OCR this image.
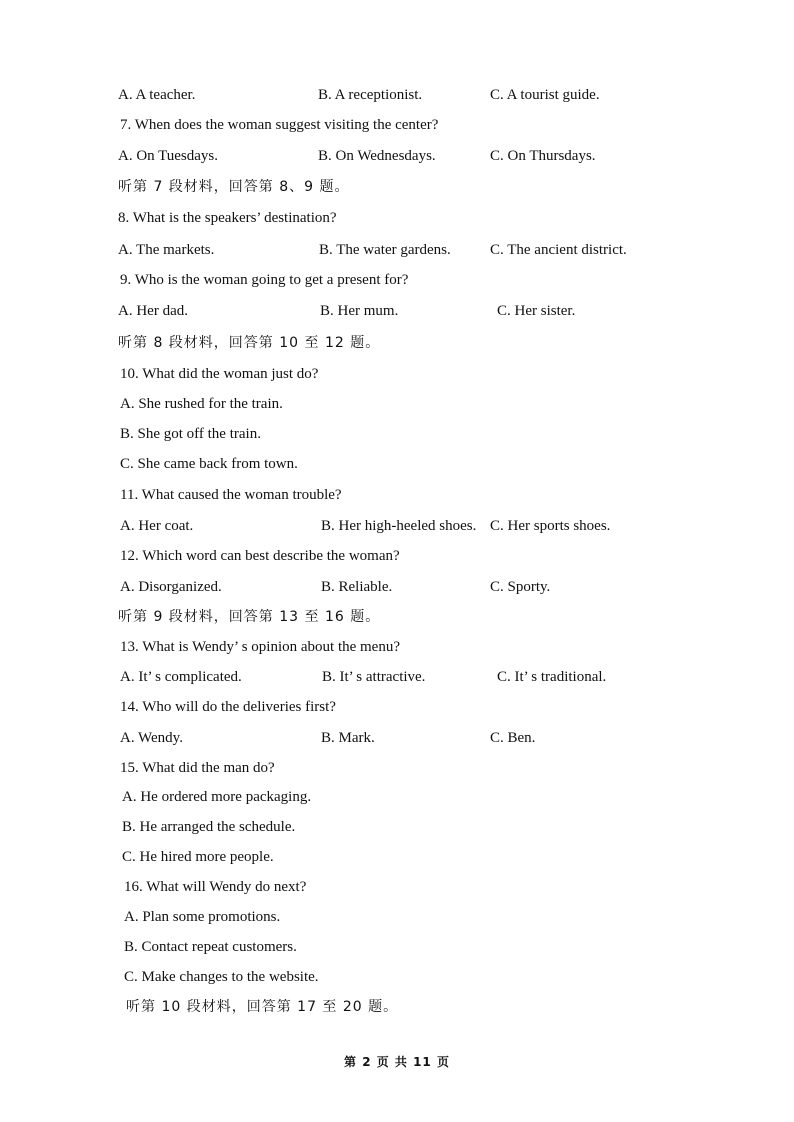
A. A teacher.	B. A receptionist.	C. A tourist guide.
7. When does the woman suggest visiting the center?
A. On Tuesdays.	B. On Wednesdays.	C. On Thursdays.
听第 7 段材料，回答第 8、9 题。
8. What is the speakers’ destination?
A. The markets.	B. The water gardens.	C. The ancient district.
9. Who is the woman going to get a present for?
A. Her dad.	B. Her mum.	C. Her sister.
听第 8 段材料，回答第 10 至 12 题。
10. What did the woman just do?
A. She rushed for the train.
B. She got off the train.
C. She came back from town.
11. What caused the woman trouble?
A. Her coat.	B. Her high-heeled shoes. C. Her sports shoes.
12. Which word can best describe the woman?
A. Disorganized.	B. Reliable.	C. Sporty.
听第 9 段材料，回答第 13 至 16 题。
13. What is Wendy’ s opinion about the menu?
A. It’ s complicated.	B. It’ s attractive.	C. It’ s traditional.
14. Who will do the deliveries first?
A. Wendy.	B. Mark.	C. Ben.
15. What did the man do?
A. He ordered more packaging.
B. He arranged the schedule.
C. He hired more people.
16. What will Wendy do next?
A. Plan some promotions.
B. Contact repeat customers.
C. Make changes to the website.
听第 10 段材料，回答第 17 至 20 题。
第 2 页 共 11 页
